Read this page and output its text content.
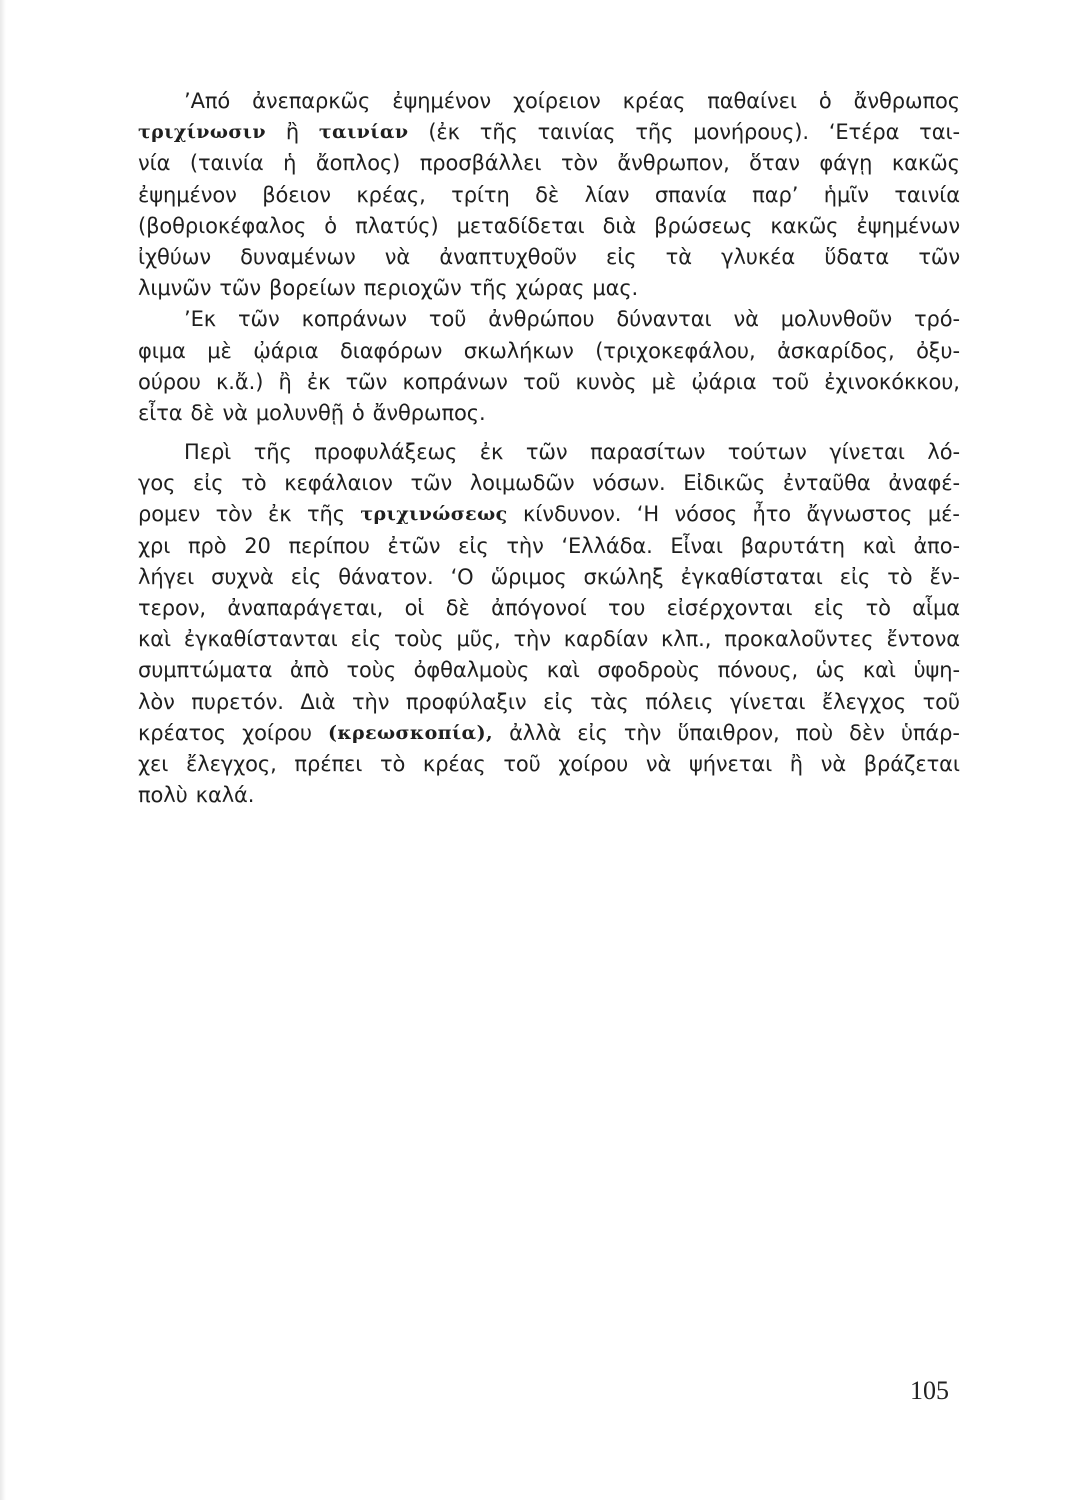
’Από ἀνεπαρκῶς ἐψημένον χοίρειον κρέας παθαίνει ὁ ἄνθρωπος
τριχίνωσιν ἢ ταινίαν (ἐκ τῆς ταινίας τῆς μονήρους). ‘Ετέρα ται-
νία (ταινία ἡ ἄοπλος) προσβάλλει τὸν ἄνθρωπον, ὅταν φάγῃ κακῶς
ἐψημένον βόειον κρέας, τρίτη δὲ λίαν σπανία παρ’ ἡμῖν ταινία
(βοθριοκέφαλος ὁ πλατύς) μεταδίδεται διὰ βρώσεως κακῶς ἐψημένων
ἰχθύων δυναμένων νὰ ἀναπτυχθοῦν εἰς τὰ γλυκέα ὕδατα τῶν
λιμνῶν τῶν βορείων περιοχῶν τῆς χώρας μας.
’Εκ τῶν κοπράνων τοῦ ἀνθρώπου δύνανται νὰ μολυνθοῦν τρό-
φιμα μὲ ᾠάρια διαφόρων σκωλήκων (τριχοκεφάλου, ἀσκαρίδος, ὀξυ-
ούρου κ.ἄ.) ἢ ἐκ τῶν κοπράνων τοῦ κυνὸς μὲ ᾠάρια τοῦ ἐχινοκόκκου,
εἶτα δὲ νὰ μολυνθῇ ὁ ἄνθρωπος.
Περὶ τῆς προφυλάξεως ἐκ τῶν παρασίτων τούτων γίνεται λό-
γος εἰς τὸ κεφάλαιον τῶν λοιμωδῶν νόσων. Εἰδικῶς ἐνταῦθα ἀναφέ-
ρομεν τὸν ἐκ τῆς τριχινώσεως κίνδυνον. ‘Η νόσος ἦτο ἄγνωστος μέ-
χρι πρὸ 20 περίπου ἐτῶν εἰς τὴν ‘Ελλάδα. Εἶναι βαρυτάτη καὶ ἀπο-
λήγει συχνὰ εἰς θάνατον. ‘Ο ὥριμος σκώληξ ἐγκαθίσταται εἰς τὸ ἔν-
τερον, ἀναπαράγεται, οἱ δὲ ἀπόγονοί του εἰσέρχονται εἰς τὸ αἷμα
καὶ ἐγκαθίστανται εἰς τοὺς μῦς, τὴν καρδίαν κλπ., προκαλοῦντες ἔντονα
συμπτώματα ἀπὸ τοὺς ὀφθαλμοὺς καὶ σφοδροὺς πόνους, ὡς καὶ ὑψη-
λὸν πυρετόν. Διὰ τὴν προφύλαξιν εἰς τὰς πόλεις γίνεται ἔλεγχος τοῦ
κρέατος χοίρου (κρεωσκοπία), ἀλλὰ εἰς τὴν ὕπαιθρον, ποὺ δὲν ὑπάρ-
χει ἔλεγχος, πρέπει τὸ κρέας τοῦ χοίρου νὰ ψήνεται ἢ νὰ βράζεται
πολὺ καλά.
105
